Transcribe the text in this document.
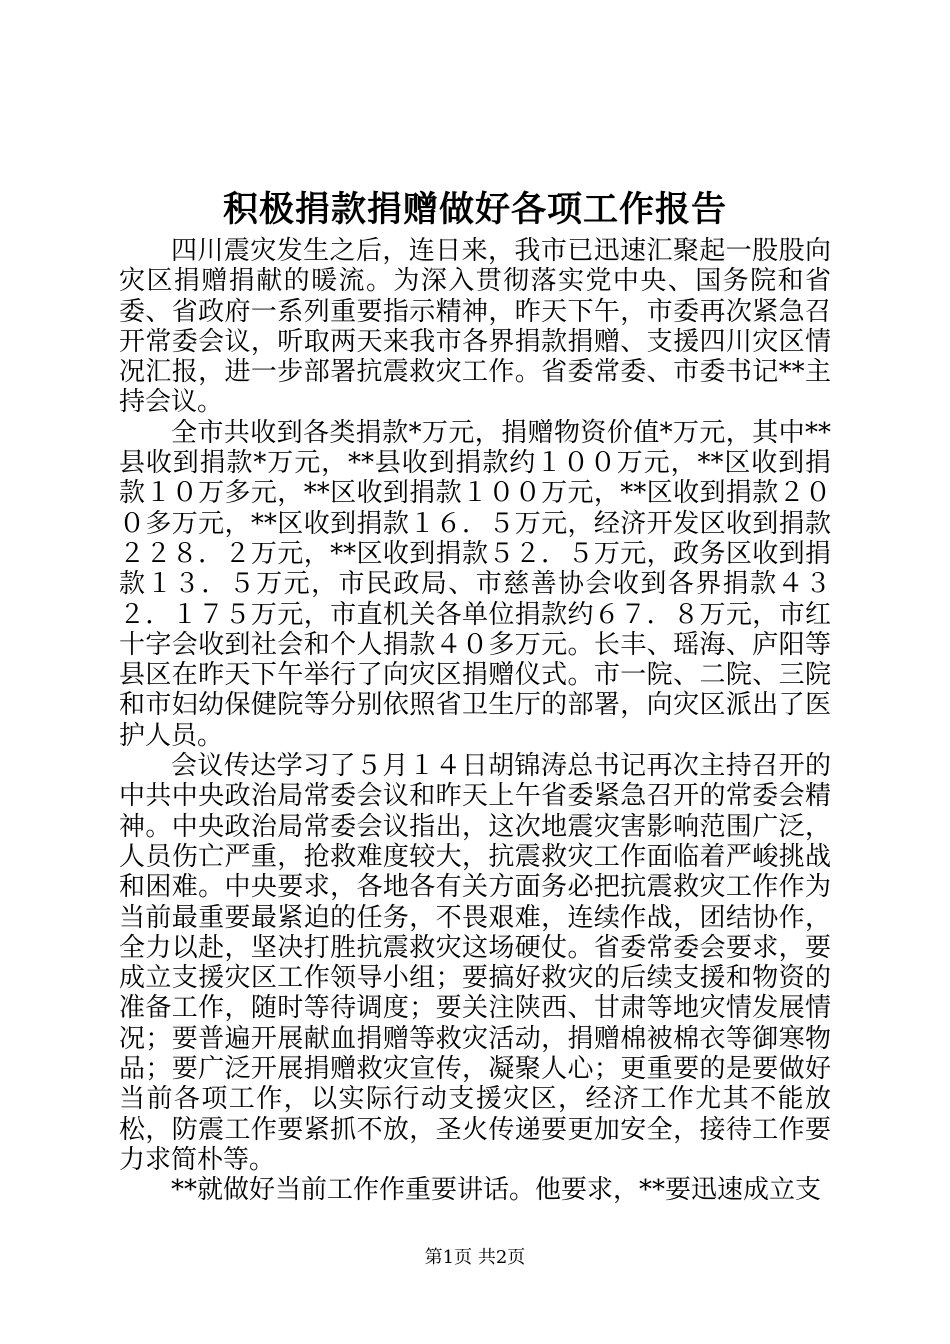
积极捐款捐赠做好各项工作报告

四川震灾发生之后，连日来，我市已迅速汇聚起一股股向灾区捐赠捐献的暖流。为深入贯彻落实党中央、国务院和省委、省政府一系列重要指示精神，昨天下午，市委再次紧急召开常委会议，听取两天来我市各界捐款捐赠、支援四川灾区情况汇报，进一步部署抗震救灾工作。省委常委、市委书记**主持会议。

全市共收到各类捐款*万元，捐赠物资价值*万元，其中**县收到捐款*万元，**县收到捐款约１００万元，**区收到捐款１０万多元，**区收到捐款１００万元，**区收到捐款２００多万元，**区收到捐款１６．５万元，经济开发区收到捐款２２８．２万元，**区收到捐款５２．５万元，政务区收到捐款１３．５万元，市民政局、市慈善协会收到各界捐款４３２．１７５万元，市直机关各单位捐款约６７．８万元，市红十字会收到社会和个人捐款４０多万元。长丰、瑶海、庐阳等县区在昨天下午举行了向灾区捐赠仪式。市一院、二院、三院和市妇幼保健院等分别依照省卫生厅的部署，向灾区派出了医护人员。

会议传达学习了５月１４日胡锦涛总书记再次主持召开的中共中央政治局常委会议和昨天上午省委紧急召开的常委会精神。中央政治局常委会议指出，这次地震灾害影响范围广泛，人员伤亡严重，抢救难度较大，抗震救灾工作面临着严峻挑战和困难。中央要求，各地各有关方面务必把抗震救灾工作作为当前最重要最紧迫的任务，不畏艰难，连续作战，团结协作，全力以赴，坚决打胜抗震救灾这场硬仗。省委常委会要求，要成立支援灾区工作领导小组；要搞好救灾的后续支援和物资的准备工作，随时等待调度；要关注陕西、甘肃等地灾情发展情况；要普遍开展献血捐赠等救灾活动，捐赠棉被棉衣等御寒物品；要广泛开展捐赠救灾宣传，凝聚人心；更重要的是要做好当前各项工作，以实际行动支援灾区，经济工作尤其不能放松，防震工作要紧抓不放，圣火传递要更加安全，接待工作要力求简朴等。

**就做好当前工作作重要讲话。他要求，**要迅速成立支

第1页 共2页
